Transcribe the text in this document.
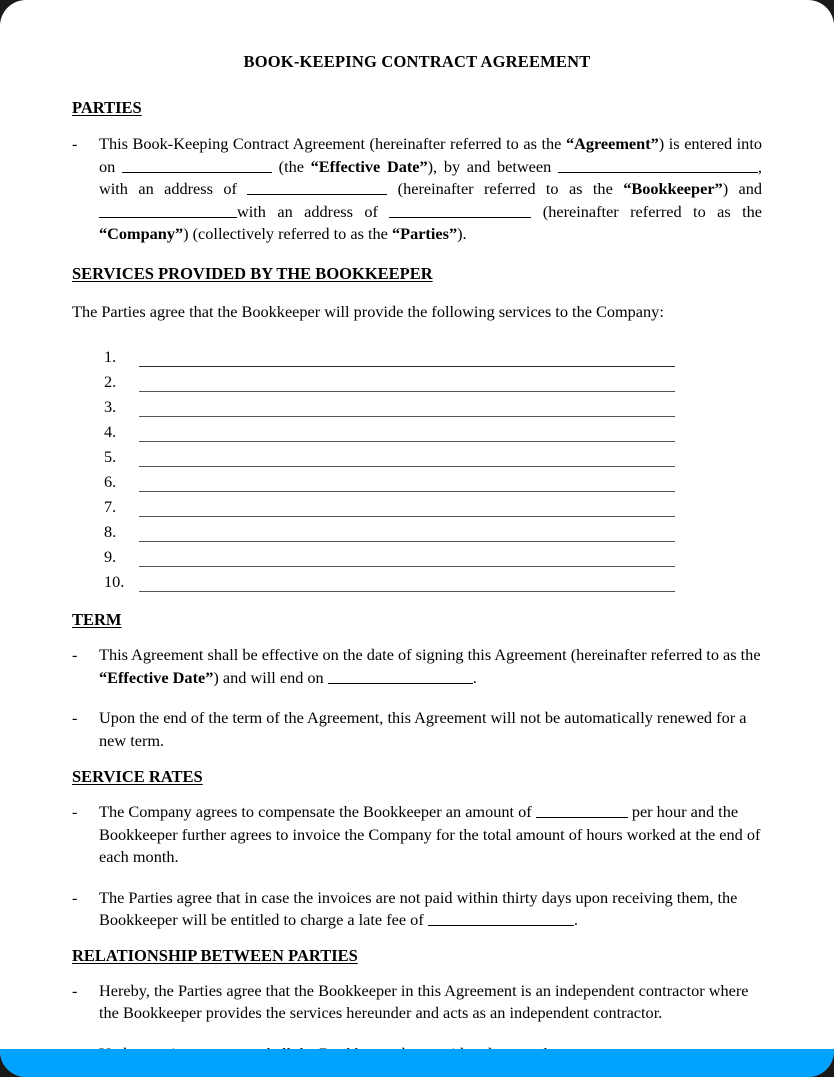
BOOK-KEEPING CONTRACT AGREEMENT
PARTIES
-	This Book-Keeping Contract Agreement (hereinafter referred to as the “Agreement”) is entered into on	(the “Effective Date”), by and between	, with an address of	(hereinafter referred to as the “Bookkeeper”) and with an address of	(hereinafter referred to as the “Company”) (collectively referred to as the “Parties”).
SERVICES PROVIDED BY THE BOOKKEEPER

The Parties agree that the Bookkeeper will provide the following services to the Company:

1.
2.
3.
4.
5.
6.
7.
8.
9.
10.
TERM
-	This Agreement shall be effective on the date of signing this Agreement (hereinafter referred to as the “Effective Date”) and will end on	.
-	Upon the end of the term of the Agreement, this Agreement will not be automatically renewed for a new term.
SERVICE RATES
-	The Company agrees to compensate the Bookkeeper an amount of	per hour and the Bookkeeper further agrees to invoice the Company for the total amount of hours worked at the end of each month.
-	The Parties agree that in case the invoices are not paid within thirty days upon receiving them, the Bookkeeper will be entitled to charge a late fee of	.
RELATIONSHIP BETWEEN PARTIES
-	Hereby, the Parties agree that the Bookkeeper in this Agreement is an independent contractor where the Bookkeeper provides the services hereunder and acts as an independent contractor.
